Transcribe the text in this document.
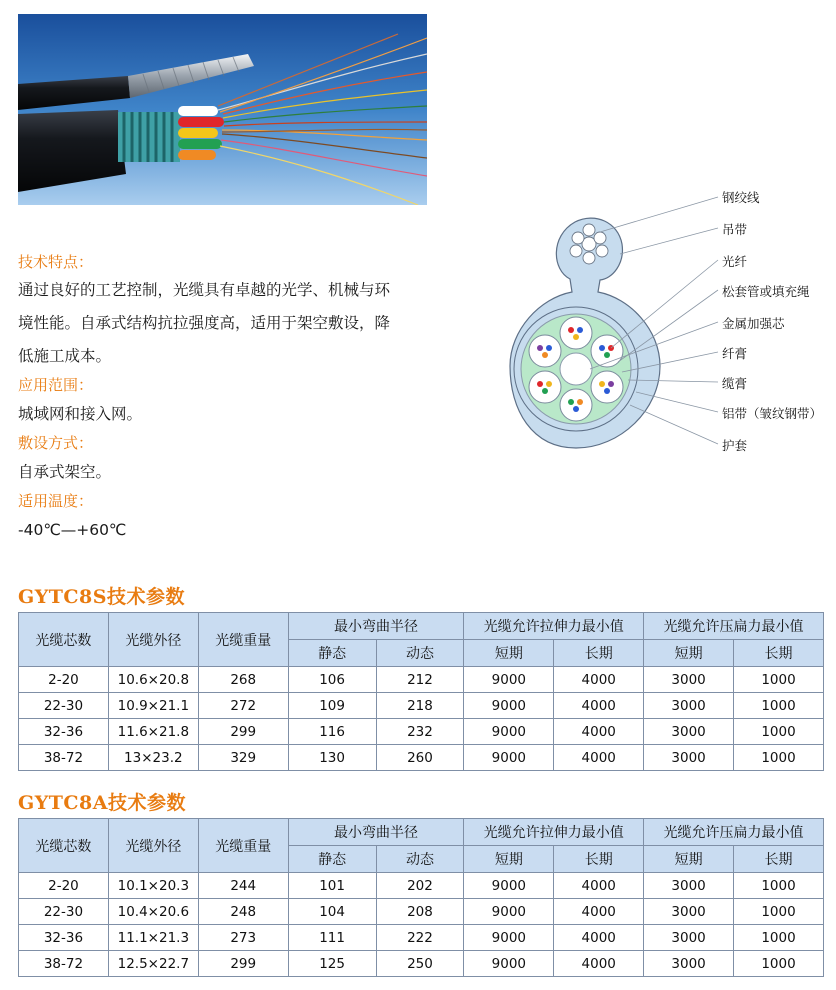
技术特点：
通过良好的工艺控制，光缆具有卓越的光学、机械与环
境性能。自承式结构抗拉强度高，适用于架空敷设，降
低施工成本。
应用范围：
城域网和接入网。
敷设方式：
自承式架空。
适用温度：
-40℃—+60℃
钢绞线
吊带
光纤
松套管或填充绳
金属加强芯
纤膏
缆膏
铝带（皱纹钢带）
护套
GYTC8S技术参数
光缆芯数	光缆外径	光缆重量	最小弯曲半径		光缆允许拉伸力最小值		光缆允许压扁力最小值	
			静态	动态	短期	长期	短期	长期
2-20	10.6×20.8	268	106	212	9000	4000	3000	1000
22-30	10.9×21.1	272	109	218	9000	4000	3000	1000
32-36	11.6×21.8	299	116	232	9000	4000	3000	1000
38-72	13×23.2	329	130	260	9000	4000	3000	1000
GYTC8A技术参数
光缆芯数	光缆外径	光缆重量	最小弯曲半径		光缆允许拉伸力最小值		光缆允许压扁力最小值	
			静态	动态	短期	长期	短期	长期
2-20	10.1×20.3	244	101	202	9000	4000	3000	1000
22-30	10.4×20.6	248	104	208	9000	4000	3000	1000
32-36	11.1×21.3	273	111	222	9000	4000	3000	1000
38-72	12.5×22.7	299	125	250	9000	4000	3000	1000
